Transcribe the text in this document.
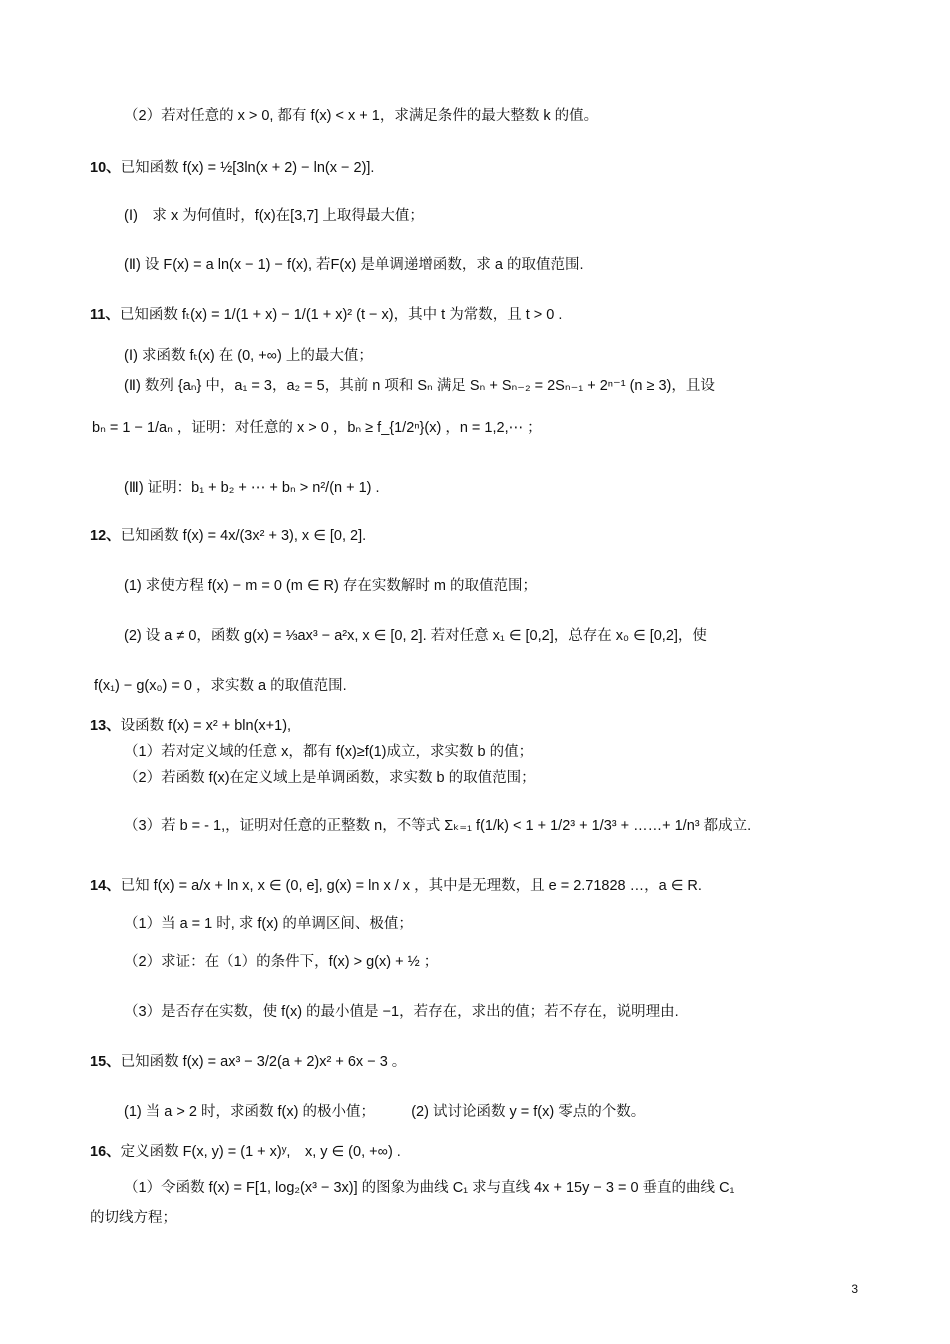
（2）若对任意的 x > 0, 都有 f(x) < x + 1，求满足条件的最大整数 k 的值。
10、已知函数 f(x) = ½[3ln(x + 2) − ln(x − 2)].
(Ⅰ)　求 x 为何值时，f(x)在[3,7] 上取得最大值；
(Ⅱ) 设 F(x) = a ln(x − 1) − f(x), 若F(x) 是单调递增函数，求 a 的取值范围.
11、已知函数 fₜ(x) = 1/(1 + x) − 1/(1 + x)² (t − x)，其中 t 为常数，且 t > 0 .
(Ⅰ) 求函数 fₜ(x) 在 (0, +∞) 上的最大值；
(Ⅱ) 数列 {aₙ} 中，a₁ = 3，a₂ = 5，其前 n 项和 Sₙ 满足 Sₙ + Sₙ₋₂ = 2Sₙ₋₁ + 2ⁿ⁻¹ (n ≥ 3)，且设
bₙ = 1 − 1/aₙ ，证明：对任意的 x > 0 ，bₙ ≥ f_{1/2ⁿ}(x) ，n = 1,2,⋯ ；
(Ⅲ) 证明：b₁ + b₂ + ⋯ + bₙ > n²/(n + 1) .
12、已知函数 f(x) = 4x/(3x² + 3), x ∈ [0, 2].
(1) 求使方程 f(x) − m = 0 (m ∈ R) 存在实数解时 m 的取值范围；
(2) 设 a ≠ 0，函数 g(x) = ⅓ax³ − a²x, x ∈ [0, 2]. 若对任意 x₁ ∈ [0,2]，总存在 x₀ ∈ [0,2]，使
f(x₁) − g(x₀) = 0 ，求实数 a 的取值范围.
13、设函数 f(x) = x² + bln(x+1),
（1）若对定义域的任意 x，都有 f(x)≥f(1)成立，求实数 b 的值；
（2）若函数 f(x)在定义域上是单调函数，求实数 b 的取值范围；
（3）若 b = - 1,，证明对任意的正整数 n，不等式 Σₖ₌₁ f(1/k) < 1 + 1/2³ + 1/3³ + ……+ 1/n³ 都成立.
14、已知 f(x) = a/x + ln x, x ∈ (0, e], g(x) = ln x / x ，其中是无理数，且 e = 2.71828 …，a ∈ R.
（1）当 a = 1 时, 求 f(x) 的单调区间、极值；
（2）求证：在（1）的条件下，f(x) > g(x) + ½ ；
（3）是否存在实数，使 f(x) 的最小值是 −1，若存在，求出的值；若不存在，说明理由.
15、已知函数 f(x) = ax³ − 3/2(a + 2)x² + 6x − 3 。
(1) 当 a > 2 时，求函数 f(x) 的极小值；　　　(2) 试讨论函数 y = f(x) 零点的个数。
16、定义函数 F(x, y) = (1 + x)ʸ,　x, y ∈ (0, +∞) .
（1）令函数 f(x) = F[1, log₂(x³ − 3x)] 的图象为曲线 C₁ 求与直线 4x + 15y − 3 = 0 垂直的曲线 C₁
的切线方程；
3
